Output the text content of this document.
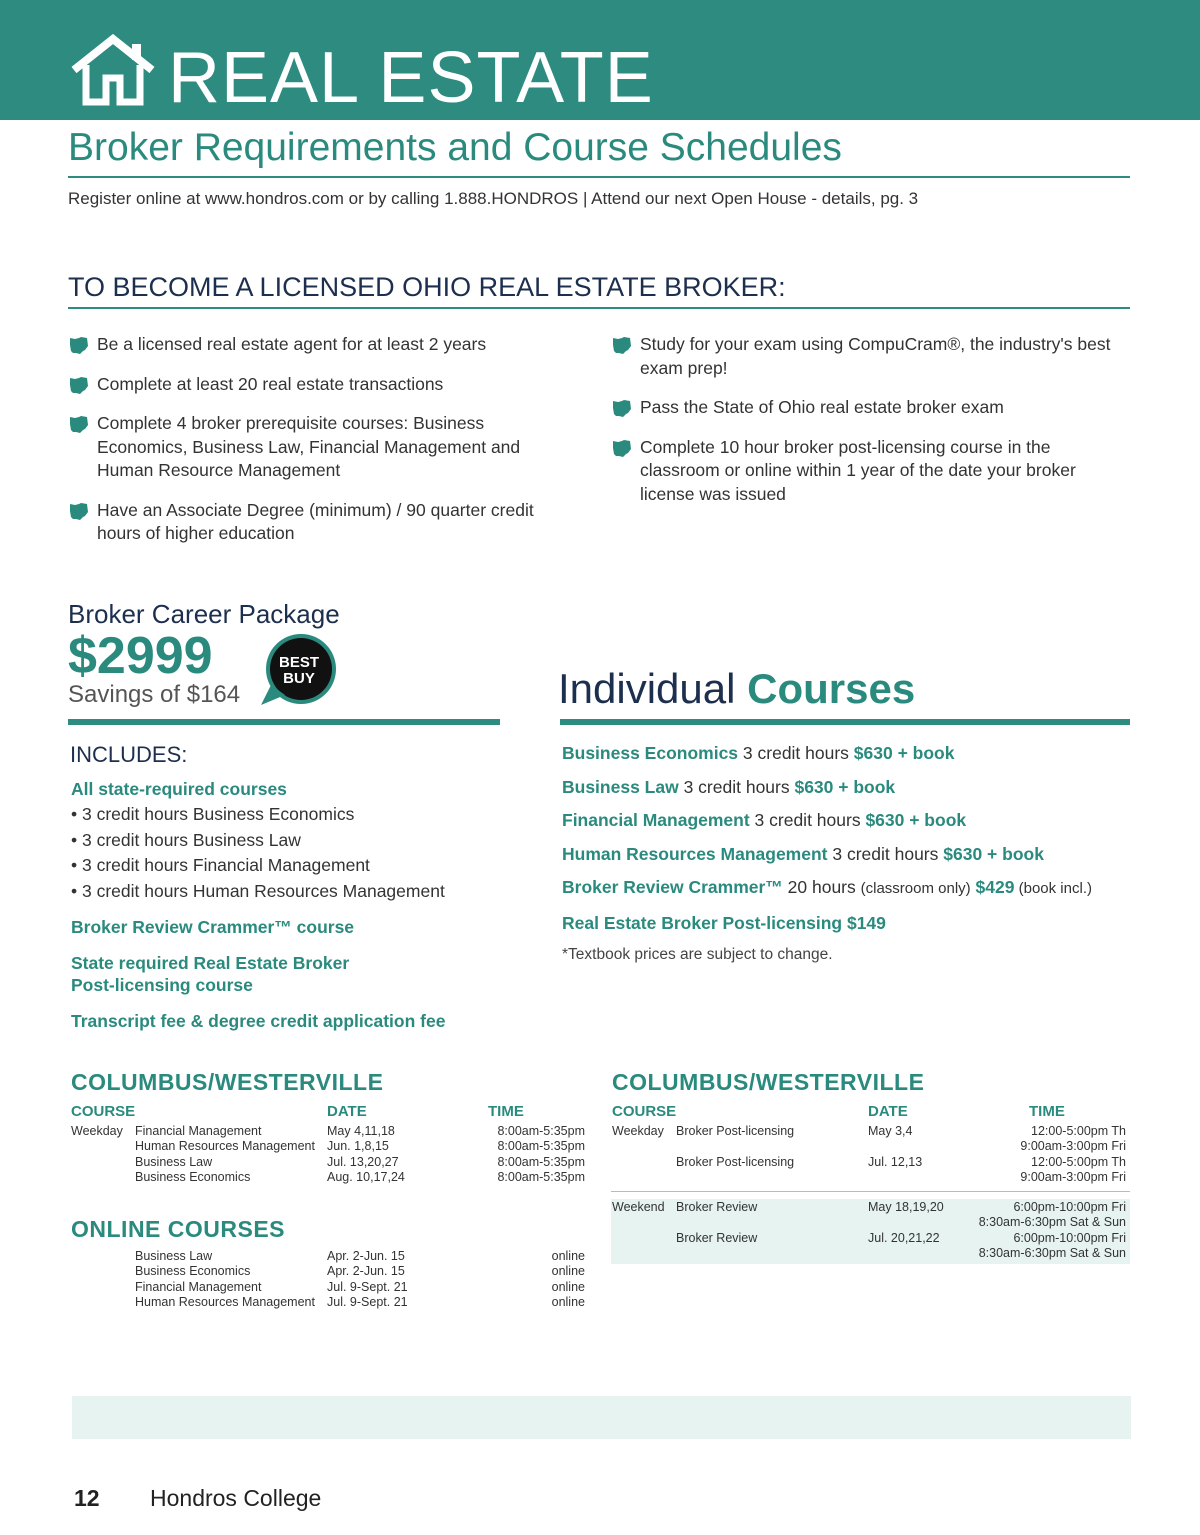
REAL ESTATE
Broker Requirements and Course Schedules
Register online at www.hondros.com or by calling 1.888.HONDROS | Attend our next Open House - details, pg. 3
TO BECOME A LICENSED OHIO REAL ESTATE BROKER:
Be a licensed real estate agent for at least 2 years
Complete at least 20 real estate transactions
Complete 4 broker prerequisite courses: Business Economics, Business Law, Financial Management and Human Resource Management
Have an Associate Degree (minimum) / 90 quarter credit hours of higher education
Study for your exam using CompuCram®, the industry's best exam prep!
Pass the State of Ohio real estate broker exam
Complete 10 hour broker post-licensing course in the classroom or online within 1 year of the date your broker license was issued
Broker Career Package
$2999
Savings of $164
BEST
BUY
INCLUDES:
All state-required courses
• 3 credit hours Business Economics
• 3 credit hours Business Law
• 3 credit hours Financial Management
• 3 credit hours Human Resources Management
Broker Review Crammer™ course
State required Real Estate Broker
Post-licensing course
Transcript fee & degree credit application fee
Individual Courses
Business Economics 3 credit hours $630 + book
Business Law 3 credit hours $630 + book
Financial Management 3 credit hours $630 + book
Human Resources Management 3 credit hours $630 + book
Broker Review Crammer™ 20 hours (classroom only) $429 (book incl.)
Real Estate Broker Post-licensing $149
*Textbook prices are subject to change.
COLUMBUS/WESTERVILLE
COURSE	DATE	TIME
Weekday Financial Management	May 4,11,18	8:00am-5:35pm
Human Resources Management Jun. 1,8,15	8:00am-5:35pm
Business Law	Jul. 13,20,27	8:00am-5:35pm
Business Economics	Aug. 10,17,24	8:00am-5:35pm
ONLINE COURSES
Business Law	Apr. 2-Jun. 15	online
Business Economics	Apr. 2-Jun. 15	online
Financial Management	Jul. 9-Sept. 21	online
Human Resources Management Jul. 9-Sept. 21	online
COLUMBUS/WESTERVILLE
COURSE	DATE	TIME
Weekday Broker Post-licensing	May 3,4	12:00-5:00pm Th
9:00am-3:00pm Fri
Broker Post-licensing	Jul. 12,13	12:00-5:00pm Th
9:00am-3:00pm Fri
Weekend Broker Review	May 18,19,20	6:00pm-10:00pm Fri
8:30am-6:30pm Sat & Sun
Broker Review	Jul. 20,21,22	6:00pm-10:00pm Fri
8:30am-6:30pm Sat & Sun
12 Hondros College
